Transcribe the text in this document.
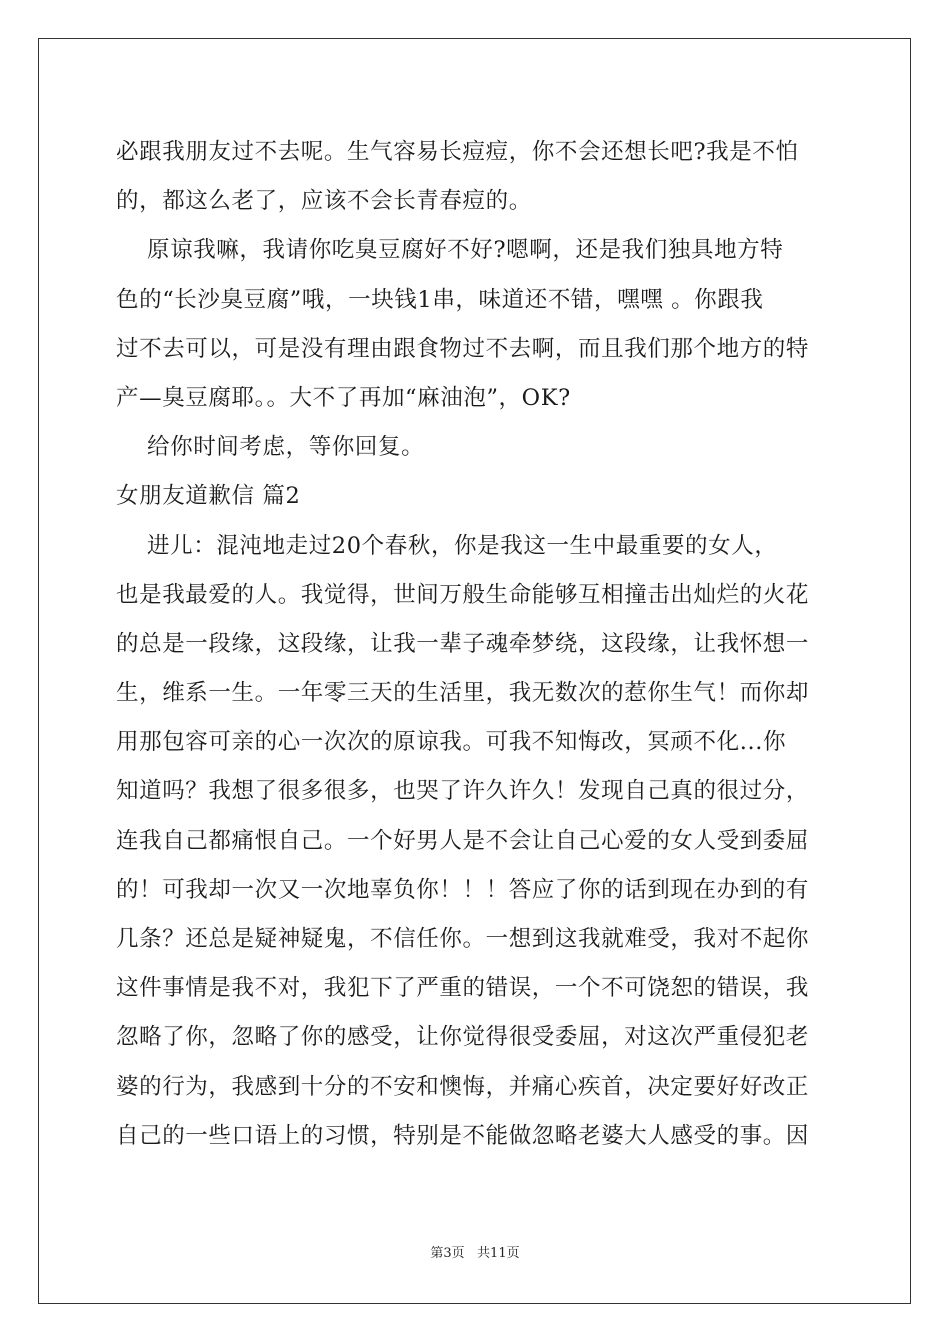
必跟我朋友过不去呢。生气容易长痘痘，你不会还想长吧?我是不怕
的，都这么老了，应该不会长青春痘的。
原谅我嘛，我请你吃臭豆腐好不好?嗯啊，还是我们独具地方特
色的“长沙臭豆腐”哦，一块钱1串，味道还不错，嘿嘿 。你跟我
过不去可以，可是没有理由跟食物过不去啊，而且我们那个地方的特
产—臭豆腐耶。。大不了再加“麻油泡”，OK?
给你时间考虑，等你回复。
女朋友道歉信 篇2
进儿：混沌地走过20个春秋，你是我这一生中最重要的女人，
也是我最爱的人。我觉得，世间万般生命能够互相撞击出灿烂的火花
的总是一段缘，这段缘，让我一辈子魂牵梦绕，这段缘，让我怀想一
生，维系一生。一年零三天的生活里，我无数次的惹你生气！而你却
用那包容可亲的心一次次的原谅我。可我不知悔改，冥顽不化...你
知道吗？我想了很多很多，也哭了许久许久！发现自己真的很过分，
连我自己都痛恨自己。一个好男人是不会让自己心爱的女人受到委屈
的！可我却一次又一次地辜负你！！！答应了你的话到现在办到的有
几条？还总是疑神疑鬼，不信任你。一想到这我就难受，我对不起你
这件事情是我不对，我犯下了严重的错误，一个不可饶恕的错误，我
忽略了你，忽略了你的感受，让你觉得很受委屈，对这次严重侵犯老
婆的行为，我感到十分的不安和懊悔，并痛心疾首，决定要好好改正
自己的一些口语上的习惯，特别是不能做忽略老婆大人感受的事。因
第3页   共11页
